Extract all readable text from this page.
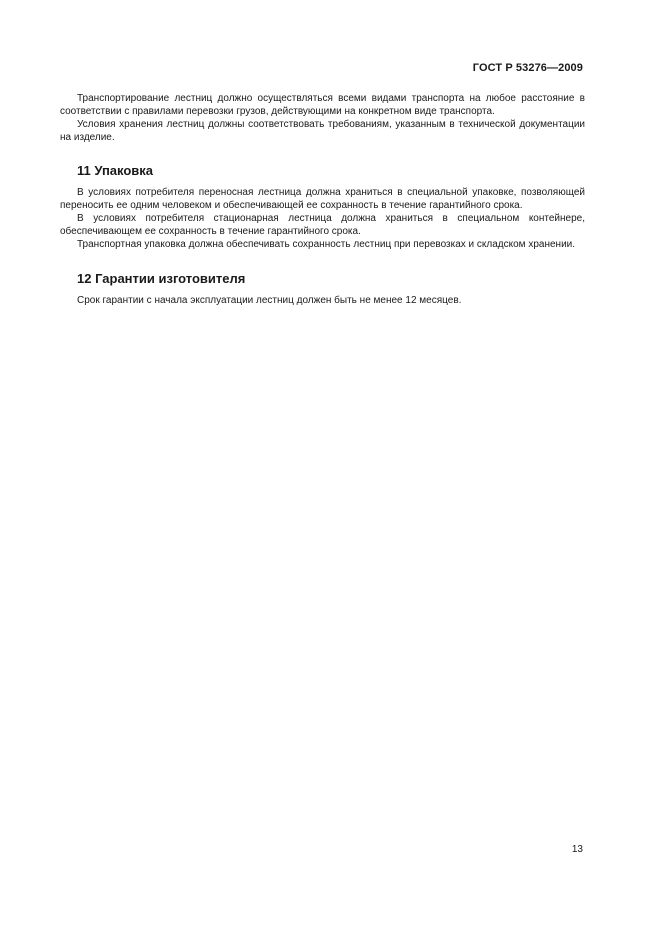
ГОСТ Р 53276—2009

Транспортирование лестниц должно осуществляться всеми видами транспорта на любое расстояние в соответствии с правилами перевозки грузов, действующими на конкретном виде транспорта.

Условия хранения лестниц должны соответствовать требованиям, указанным в технической документации на изделие.

11 Упаковка

В условиях потребителя переносная лестница должна храниться в специальной упаковке, позволяющей переносить ее одним человеком и обеспечивающей ее сохранность в течение гарантийного срока.

В условиях потребителя стационарная лестница должна храниться в специальном контейнере, обеспечивающем ее сохранность в течение гарантийного срока.

Транспортная упаковка должна обеспечивать сохранность лестниц при перевозках и складском хранении.

12 Гарантии изготовителя

Срок гарантии с начала эксплуатации лестниц должен быть не менее 12 месяцев.

13
